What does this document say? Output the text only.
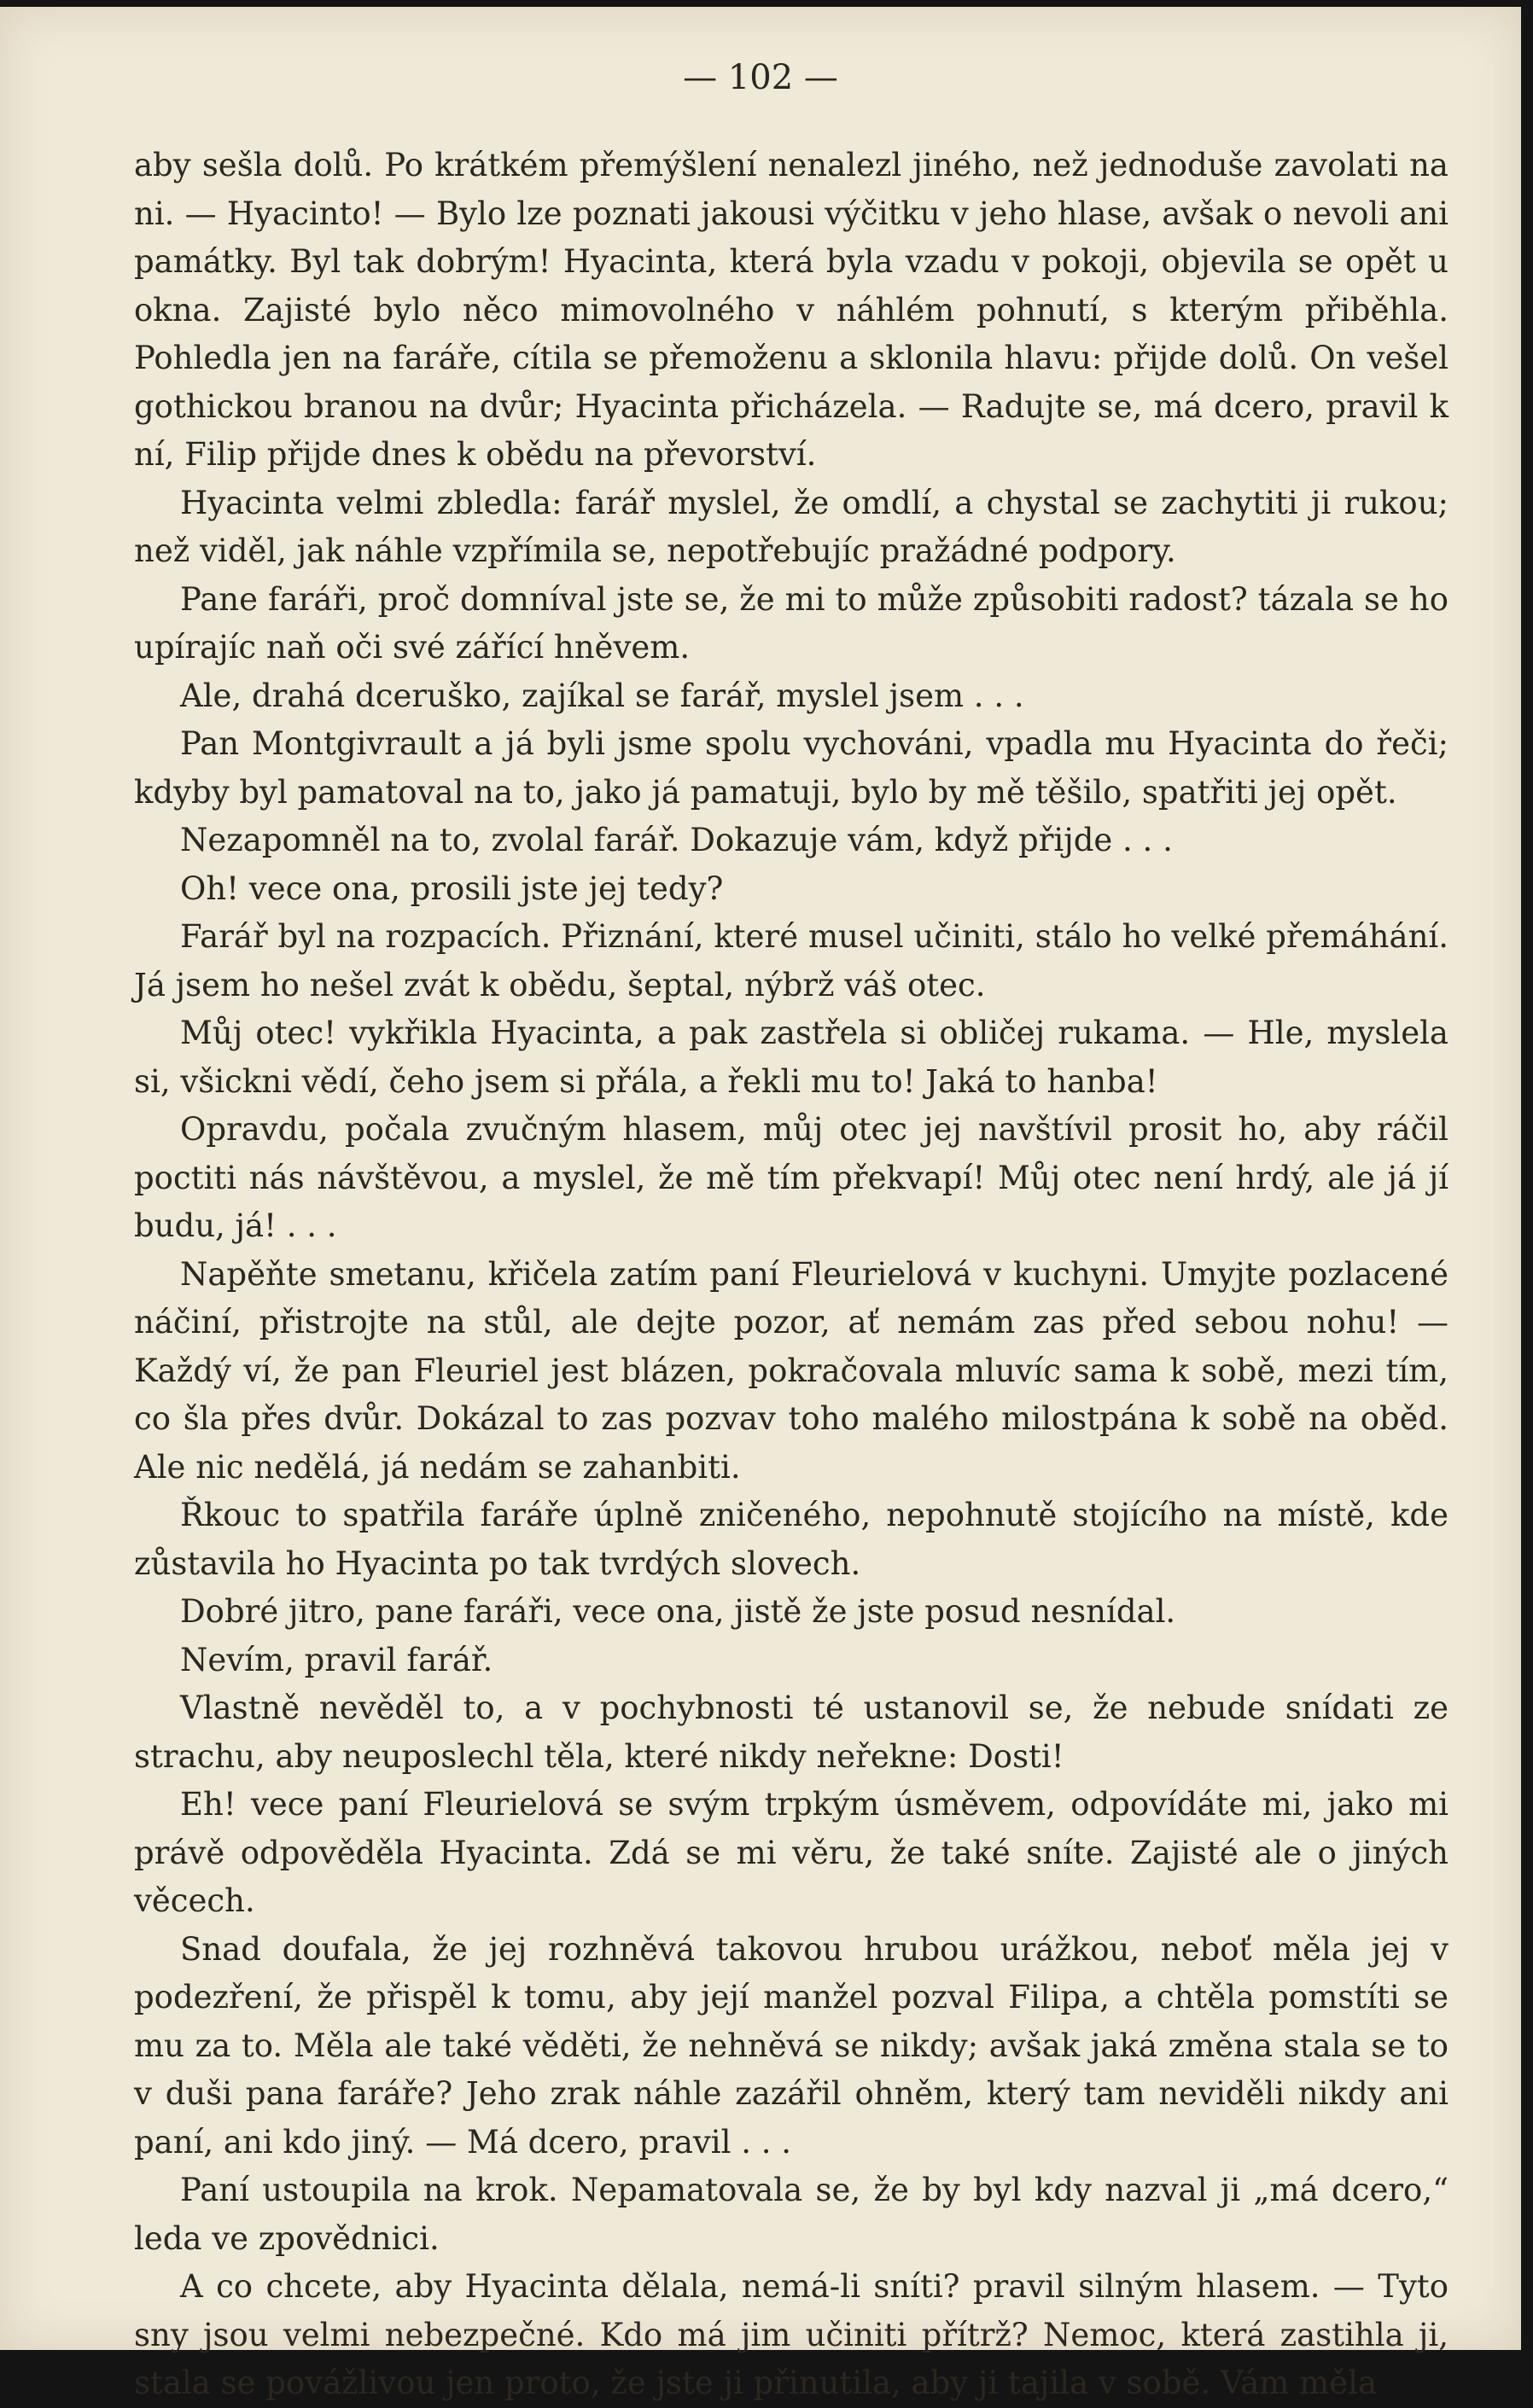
— 102 —

aby sešla dolů. Po krátkém přemýšlení nenalezl jiného, než jednoduše zavolati na ni. — Hyacinto! — Bylo lze poznati jakousi výčitku v jeho hlase, avšak o nevoli ani památky. Byl tak dobrým! Hyacinta, která byla vzadu v pokoji, objevila se opět u okna. Zajisté bylo něco mimovolného v náhlém pohnutí, s kterým přiběhla. Pohledla jen na faráře, cítila se přemoženu a sklonila hlavu: přijde dolů. On vešel gothickou branou na dvůr; Hyacinta přicházela. — Radujte se, má dcero, pravil k ní, Filip přijde dnes k obědu na převorství.

Hyacinta velmi zbledla: farář myslel, že omdlí, a chystal se zachytiti ji rukou; než viděl, jak náhle vzpřímila se, nepotřebujíc pražádné podpory.

Pane faráři, proč domníval jste se, že mi to může způsobiti radost? tázala se ho upírajíc naň oči své zářící hněvem.

Ale, drahá dceruško, zajíkal se farář, myslel jsem . . .

Pan Montgivrault a já byli jsme spolu vychováni, vpadla mu Hyacinta do řeči; kdyby byl pamatoval na to, jako já pamatuji, bylo by mě těšilo, spatřiti jej opět.

Nezapomněl na to, zvolal farář. Dokazuje vám, když přijde . . .

Oh! vece ona, prosili jste jej tedy?

Farář byl na rozpacích. Přiznání, které musel učiniti, stálo ho velké přemáhání. Já jsem ho nešel zvát k obědu, šeptal, nýbrž váš otec.

Můj otec! vykřikla Hyacinta, a pak zastřela si obličej rukama. — Hle, myslela si, všickni vědí, čeho jsem si přála, a řekli mu to! Jaká to hanba!

Opravdu, počala zvučným hlasem, můj otec jej navštívil prosit ho, aby ráčil poctiti nás návštěvou, a myslel, že mě tím překvapí! Můj otec není hrdý, ale já jí budu, já! . . .

Napěňte smetanu, křičela zatím paní Fleurielová v kuchyni. Umyjte pozlacené náčiní, přistrojte na stůl, ale dejte pozor, ať nemám zas před sebou nohu! — Každý ví, že pan Fleuriel jest blázen, pokračovala mluvíc sama k sobě, mezi tím, co šla přes dvůr. Dokázal to zas pozvav toho malého milostpána k sobě na oběd. Ale nic nedělá, já nedám se zahanbiti.

Řkouc to spatřila faráře úplně zničeného, nepohnutě stojícího na místě, kde zůstavila ho Hyacinta po tak tvrdých slovech.

Dobré jitro, pane faráři, vece ona, jistě že jste posud nesnídal.

Nevím, pravil farář.

Vlastně nevěděl to, a v pochybnosti té ustanovil se, že nebude snídati ze strachu, aby neuposlechl těla, které nikdy neřekne: Dosti!

Eh! vece paní Fleurielová se svým trpkým úsměvem, odpovídáte mi, jako mi právě odpověděla Hyacinta. Zdá se mi věru, že také sníte. Zajisté ale o jiných věcech.

Snad doufala, že jej rozhněvá takovou hrubou urážkou, neboť měla jej v podezření, že přispěl k tomu, aby její manžel pozval Filipa, a chtěla pomstíti se mu za to. Měla ale také věděti, že nehněvá se nikdy; avšak jaká změna stala se to v duši pana faráře? Jeho zrak náhle zazářil ohněm, který tam neviděli nikdy ani paní, ani kdo jiný. — Má dcero, pravil . . .

Paní ustoupila na krok. Nepamatovala se, že by byl kdy nazval ji „má dcero,“ leda ve zpovědnici.

A co chcete, aby Hyacinta dělala, nemá-li sníti? pravil silným hlasem. — Tyto sny jsou velmi nebezpečné. Kdo má jim učiniti přítrž? Nemoc, která zastihla ji, stala se povážlivou jen proto, že jste ji přinutila, aby ji tajila v sobě. Vám měla
